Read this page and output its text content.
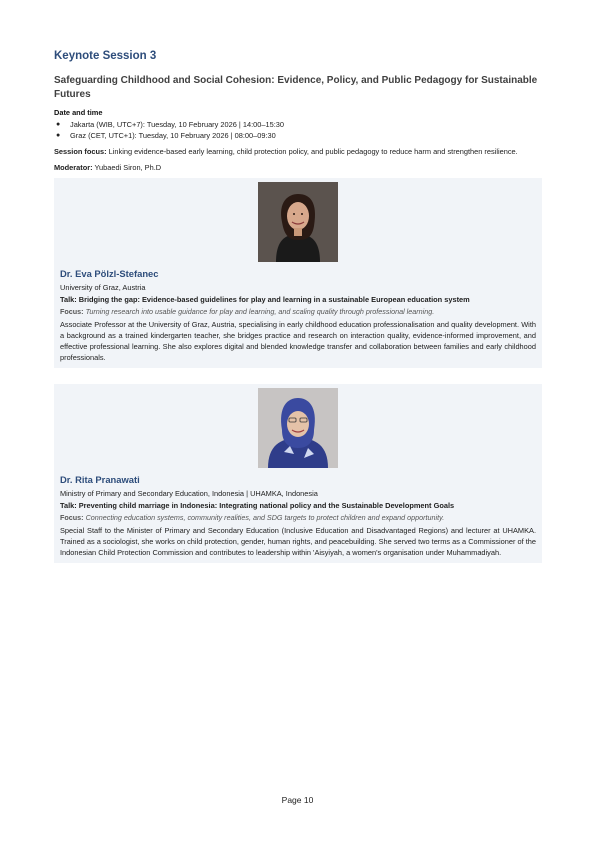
Keynote Session 3
Safeguarding Childhood and Social Cohesion: Evidence, Policy, and Public Pedagogy for Sustainable Futures
Date and time
● Jakarta (WIB, UTC+7): Tuesday, 10 February 2026 | 14:00–15:30
● Graz (CET, UTC+1): Tuesday, 10 February 2026 | 08:00–09:30

Session focus: Linking evidence-based early learning, child protection policy, and public pedagogy to reduce harm and strengthen resilience.

Moderator: Yubaedi Siron, Ph.D

Dr. Eva Pölzl-Stefanec
University of Graz, Austria
Talk: Bridging the gap: Evidence-based guidelines for play and learning in a sustainable European education system
Focus: Turning research into usable guidance for play and learning, and scaling quality through professional learning.

Associate Professor at the University of Graz, Austria, specialising in early childhood education professionalisation and quality development. With a background as a trained kindergarten teacher, she bridges practice and research on interaction quality, evidence-informed improvement, and effective professional learning. She also explores digital and blended knowledge transfer and collaboration between families and early childhood professionals.

Dr. Rita Pranawati
Ministry of Primary and Secondary Education, Indonesia | UHAMKA, Indonesia
Talk: Preventing child marriage in Indonesia: Integrating national policy and the Sustainable Development Goals
Focus: Connecting education systems, community realities, and SDG targets to protect children and expand opportunity.

Special Staff to the Minister of Primary and Secondary Education (Inclusive Education and Disadvantaged Regions) and lecturer at UHAMKA. Trained as a sociologist, she works on child protection, gender, human rights, and peacebuilding. She served two terms as a Commissioner of the Indonesian Child Protection Commission and contributes to leadership within 'Aisyiyah, a women's organisation under Muhammadiyah.

Page 10
